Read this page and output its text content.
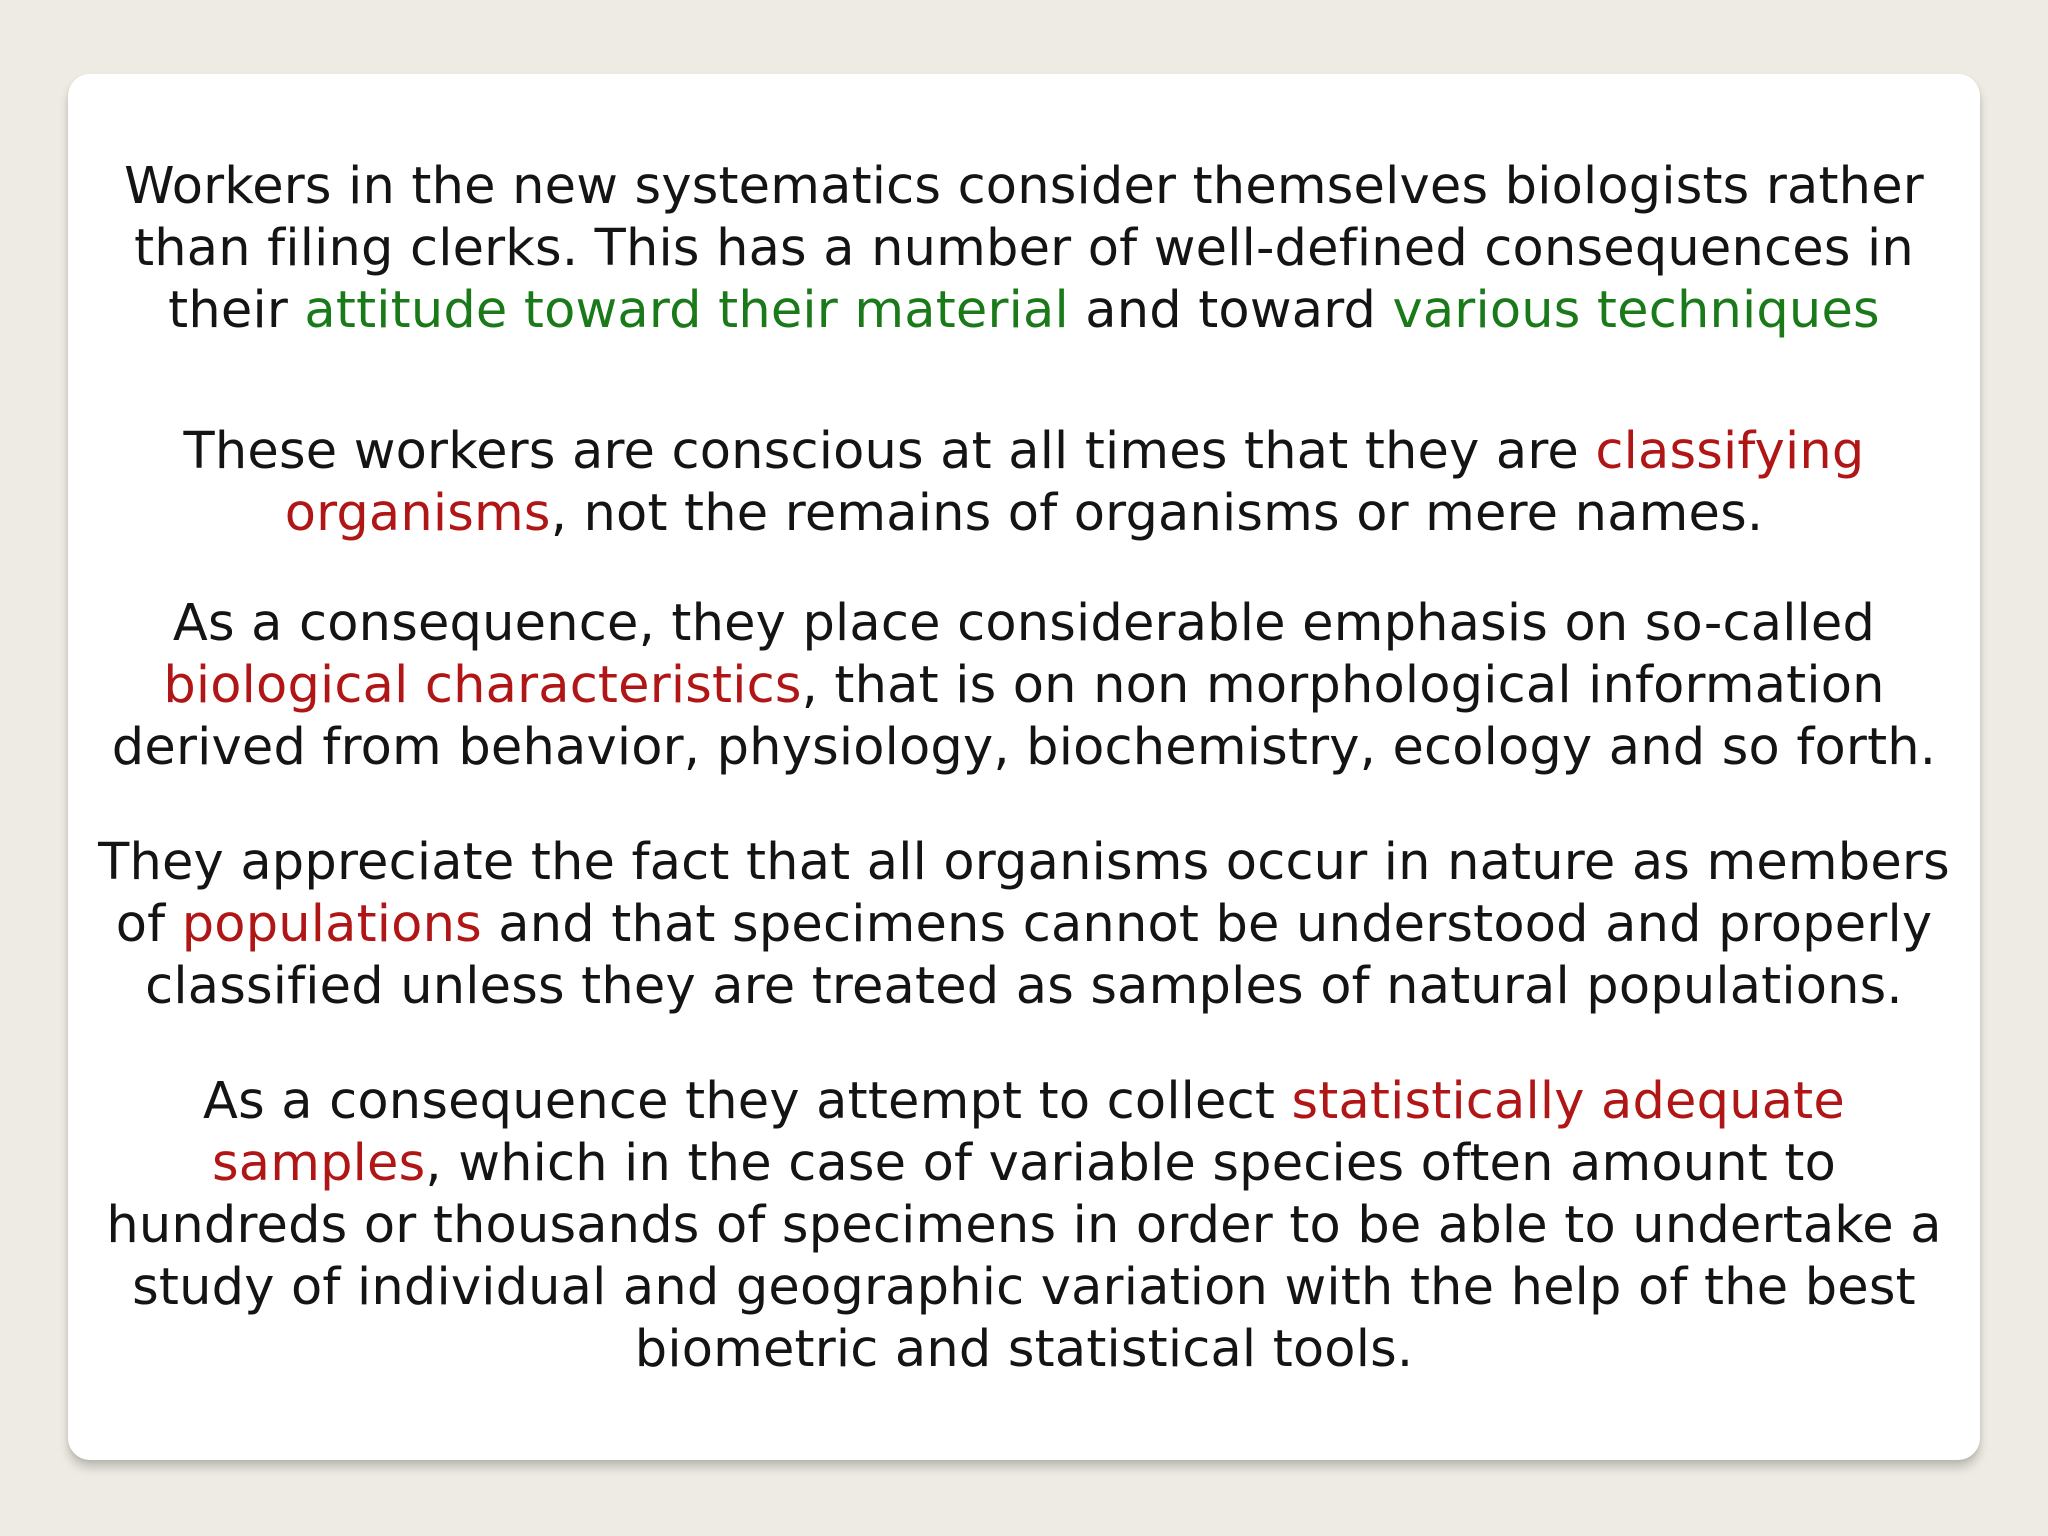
Workers in the new systematics consider themselves biologists rather
than filing clerks. This has a number of well-defined consequences in
their attitude toward their material and toward various techniques

These workers are conscious at all times that they are classifying
organisms, not the remains of organisms or mere names.

As a consequence, they place considerable emphasis on so-called
biological characteristics, that is on non morphological information
derived from behavior, physiology, biochemistry, ecology and so forth.

They appreciate the fact that all organisms occur in nature as members
of populations and that specimens cannot be understood and properly
classified unless they are treated as samples of natural populations.

As a consequence they attempt to collect statistically adequate
samples, which in the case of variable species often amount to
hundreds or thousands of specimens in order to be able to undertake a
study of individual and geographic variation with the help of the best
biometric and statistical tools.
